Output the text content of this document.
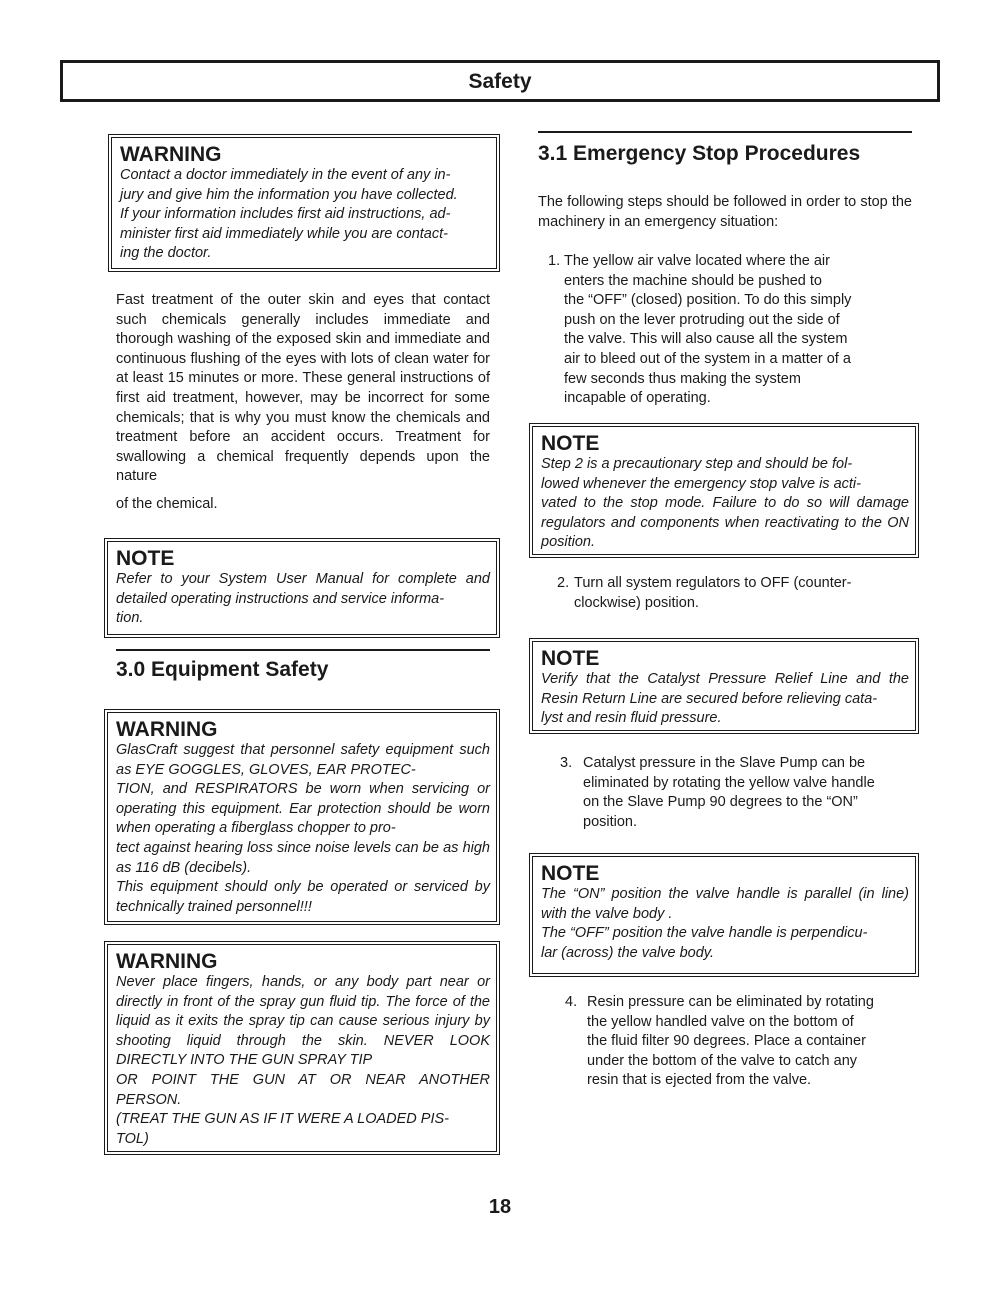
Safety
WARNING
Contact a doctor immediately in the event of any in-
jury and give him the information you have collected.
If your information includes first aid instructions, ad-
minister first aid immediately while you are contact-
ing the doctor.
Fast treatment of the outer skin and eyes that contact such chemicals generally includes immediate and thorough washing of the exposed skin and immediate and continuous flushing of the eyes with lots of clean water for at least 15 minutes or more. These general instructions of first aid treatment, however, may be incorrect for some chemicals; that is why you must know the chemicals and treatment before an accident occurs. Treatment for swallowing a chemical frequently depends upon the nature
of the chemical.
NOTE
Refer to your System User Manual for complete and detailed operating instructions and service informa-
tion.
3.0 Equipment Safety
WARNING
GlasCraft suggest that personnel safety equipment such as EYE GOGGLES, GLOVES, EAR PROTEC-
TION, and RESPIRATORS be worn when servicing or operating this equipment. Ear protection should be worn when operating a fiberglass chopper to pro-
tect against hearing loss since noise levels can be as high as 116 dB (decibels).
This equipment should only be operated or serviced by technically trained personnel!!!
WARNING
Never place fingers, hands, or any body part near or directly in front of the spray gun fluid tip. The force of the liquid as it exits the spray tip can cause serious injury by shooting liquid through the skin. NEVER LOOK DIRECTLY INTO THE GUN SPRAY TIP
OR POINT THE GUN AT OR NEAR ANOTHER PERSON.
(TREAT THE GUN AS IF IT WERE A LOADED PIS-
TOL)
3.1 Emergency Stop Procedures
The following steps should be followed in order to stop the machinery in an emergency situation:
1. The yellow air valve located where the air
enters the machine should be pushed to
the “OFF” (closed) position. To do this simply
push on the lever protruding out the side of
the valve. This will also cause all the system
air to bleed out of the system in a matter of a
few seconds thus making the system
incapable of operating.
NOTE
Step 2 is a precautionary step and should be fol-
lowed whenever the emergency stop valve is acti-
vated to the stop mode. Failure to do so will damage regulators and components when reactivating to the ON position.
2. Turn all system regulators to OFF (counter-
clockwise) position.
NOTE
Verify that the Catalyst Pressure Relief Line and the Resin Return Line are secured before relieving cata-
lyst and resin fluid pressure.
3. Catalyst pressure in the Slave Pump can be
eliminated by rotating the yellow valve handle
on the Slave Pump 90 degrees to the “ON”
position.
NOTE
The “ON” position the valve handle is parallel (in line) with the valve body .
The “OFF” position the valve handle is perpendicu-
lar (across) the valve body.
4. Resin pressure can be eliminated by rotating
the yellow handled valve on the bottom of
the fluid filter 90 degrees. Place a container
under the bottom of the valve to catch any
resin that is ejected from the valve.
18
